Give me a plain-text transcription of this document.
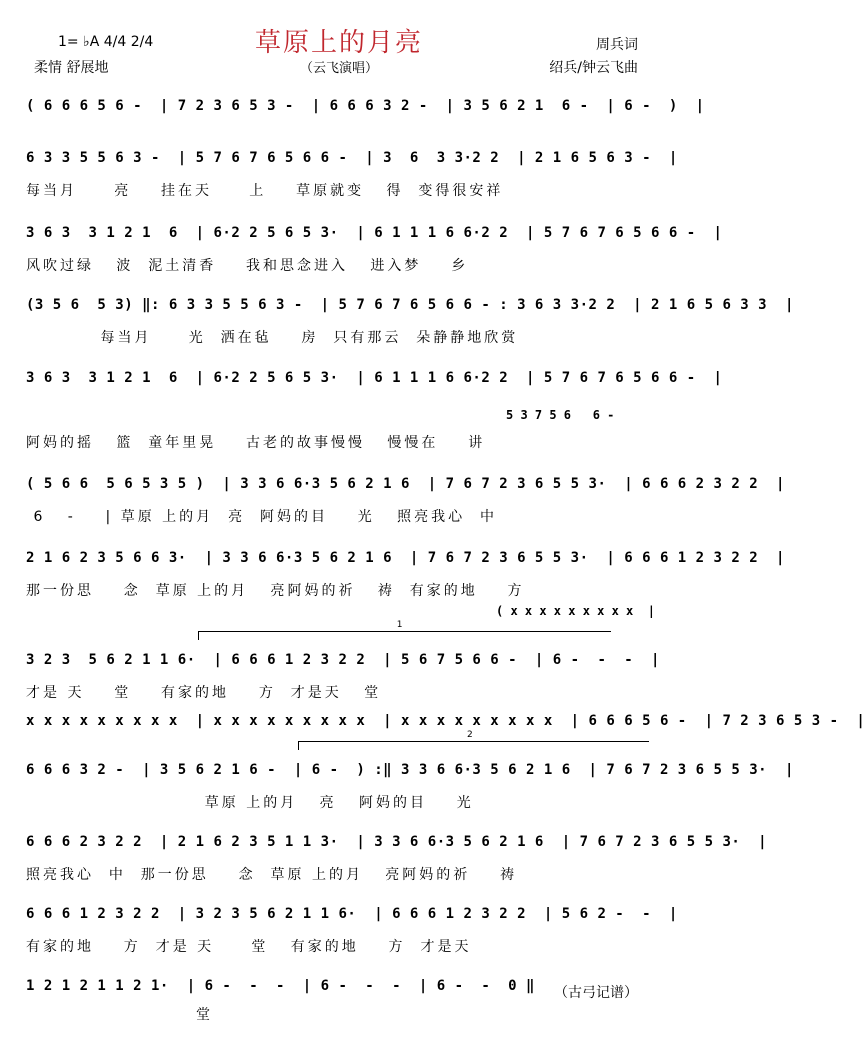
草原上的月亮
1= ♭A 4/4 2/4
柔情 舒展地	（云飞演唱）
周兵词
绍兵/钟云飞曲
( 6 6 6 5 6 -  | 7 2 3 6 5 3 -  | 6 6 6 3 2 -  | 3 5 6 2 1  6 -  | 6 -  )  |
6 3 3 5 5 6 3 -  | 5 7 6 7 6 5 6 6 -  | 3  6  3 3·2 2  | 2 1 6 5 6 3 -  |
每当月     亮    挂在天     上    草原就变   得  变得很安祥
3 6 3  3 1 2 1  6  | 6·2 2 5 6 5 3·  | 6 1 1 1 6 6·2 2  | 5 7 6 7 6 5 6 6 -  |
风吹过绿   波  泥土清香    我和思念进入   进入梦    乡
(3 5 6  5 3) ‖: 6 3 3 5 5 6 3 -  | 5 7 6 7 6 5 6 6 - : 3 6 3 3·2 2  | 2 1 6 5 6 3 3  |
每当月     光  洒在毡    房  只有那云  朵静静地欣赏
3 6 3  3 1 2 1  6  | 6·2 2 5 6 5 3·  | 6 1 1 1 6 6·2 2  | 5 7 6 7 6 5 6 6 -  |
5 3 7 5 6   6 -
阿妈的摇   篮  童年里晃    古老的故事慢慢   慢慢在    讲
( 5 6 6  5 6 5 3 5 )  | 3 3 6 6·3 5 6 2 1 6  | 7 6 7 2 3 6 5 5 3·  | 6 6 6 2 3 2 2  |
6   -    | 草原 上的月  亮  阿妈的目    光   照亮我心  中
2 1 6 2 3 5 6 6 3·  | 3 3 6 6·3 5 6 2 1 6  | 7 6 7 2 3 6 5 5 3·  | 6 6 6 1 2 3 2 2  |
那一份思    念  草原 上的月   亮阿妈的祈   祷  有家的地    方
( x x x x x x x x x  |
1
3 2 3  5 6 2 1 1 6·  | 6 6 6 1 2 3 2 2  | 5 6 7 5 6 6 -  | 6 -  -  -  |
才是 天    堂    有家的地    方  才是天   堂
x x x x x x x x x  | x x x x x x x x x  | x x x x x x x x x  | 6 6 6 5 6 -  | 7 2 3 6 5 3 -  |
2
6 6 6 3 2 -  | 3 5 6 2 1 6 -  | 6 -  ) :‖ 3 3 6 6·3 5 6 2 1 6  | 7 6 7 2 3 6 5 5 3·  |
草原 上的月   亮   阿妈的目    光
6 6 6 2 3 2 2  | 2 1 6 2 3 5 1 1 3·  | 3 3 6 6·3 5 6 2 1 6  | 7 6 7 2 3 6 5 5 3·  |
照亮我心  中  那一份思    念  草原 上的月   亮阿妈的祈    祷
6 6 6 1 2 3 2 2  | 3 2 3 5 6 2 1 1 6·  | 6 6 6 1 2 3 2 2  | 5 6 2 -  -  |
有家的地    方  才是 天     堂   有家的地    方  才是天
1 2 1 2 1 1 2 1·  | 6 -  -  -  | 6 -  -  -  | 6 -  -  0 ‖
堂
（古弓记谱）
